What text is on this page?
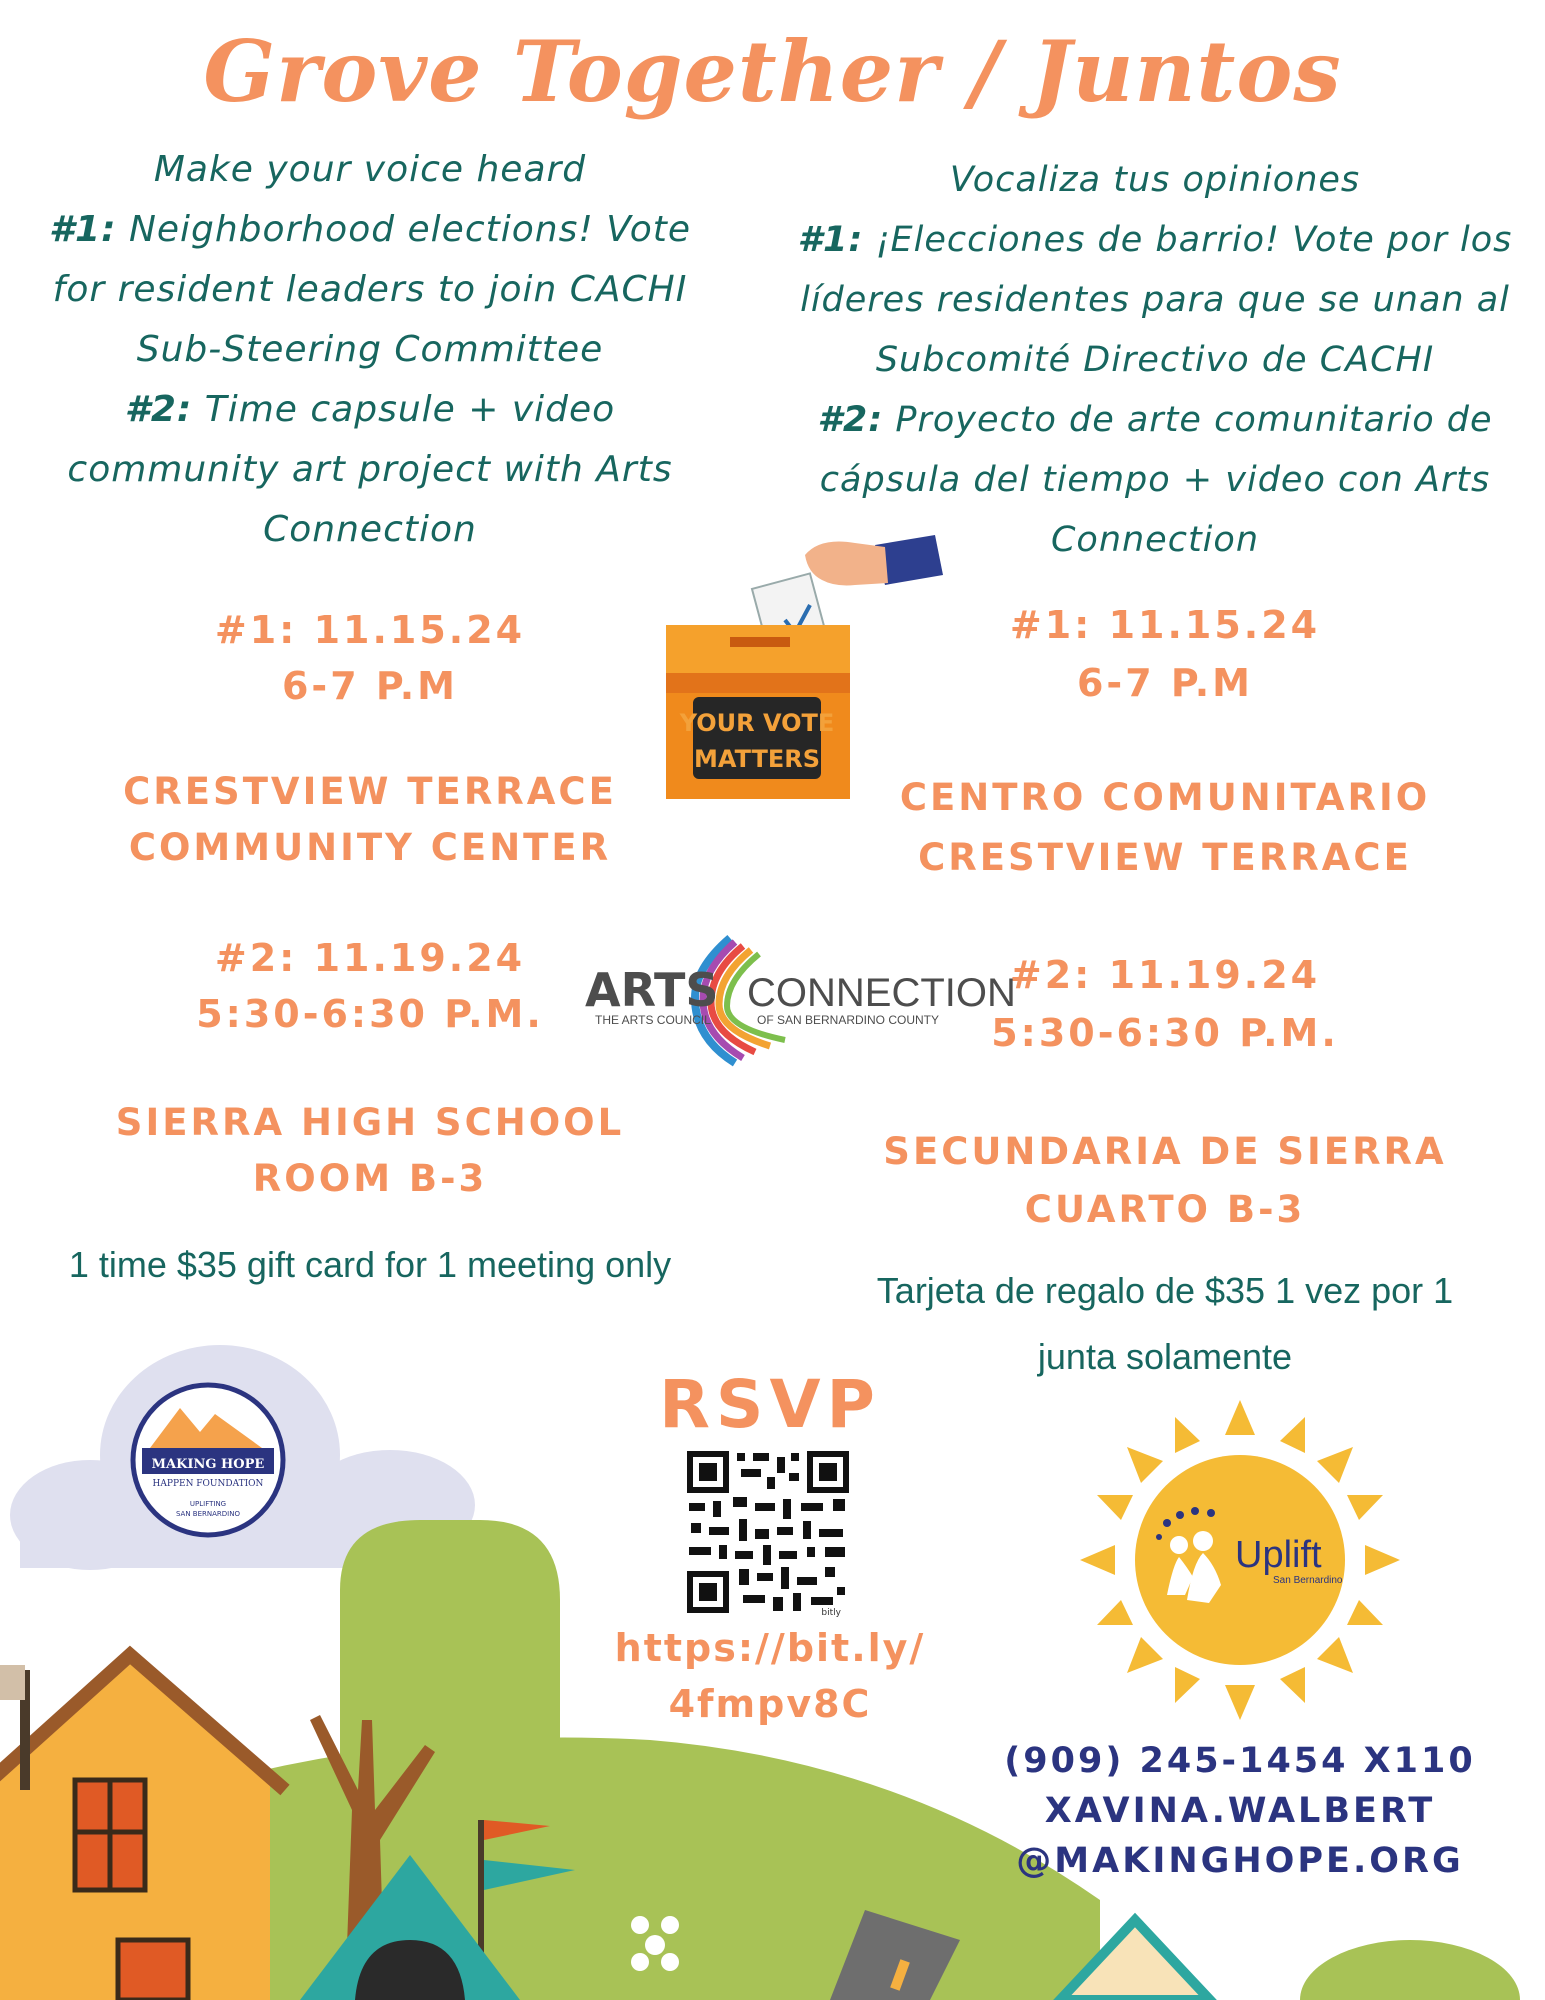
Grove Together / Juntos
Make your voice heard
#1: Neighborhood elections! Vote
for resident leaders to join CACHI
Sub-Steering Committee
#2: Time capsule + video
community art project with Arts
Connection
Vocaliza tus opiniones
#1: ¡Elecciones de barrio! Vote por los
líderes residentes para que se unan al
Subcomité Directivo de CACHI
#2: Proyecto de arte comunitario de
cápsula del tiempo + video con Arts
Connection
#1: 11.15.24
6-7 P.M
CRESTVIEW TERRACE
COMMUNITY CENTER
#2: 11.19.24
5:30-6:30 P.M.
SIERRA HIGH SCHOOL
ROOM B-3
1 time $35 gift card for 1 meeting only
#1: 11.15.24
6-7 P.M
CENTRO COMUNITARIO
CRESTVIEW TERRACE
#2: 11.19.24
5:30-6:30 P.M.
SECUNDARIA DE SIERRA
CUARTO B-3
Tarjeta de regalo de $35 1 vez por 1
junta solamente
YOUR VOTE
MATTERS
ARTS CONNECTION
THE ARTS COUNCIL	OF SAN BERNARDINO COUNTY
MAKING HOPE
HAPPEN FOUNDATION
UPLIFTING
SAN BERNARDINO
RSVP
bitly
https://bit.ly/
4fmpv8C
Uplift
San Bernardino
(909) 245-1454 X110
XAVINA.WALBERT
@MAKINGHOPE.ORG
